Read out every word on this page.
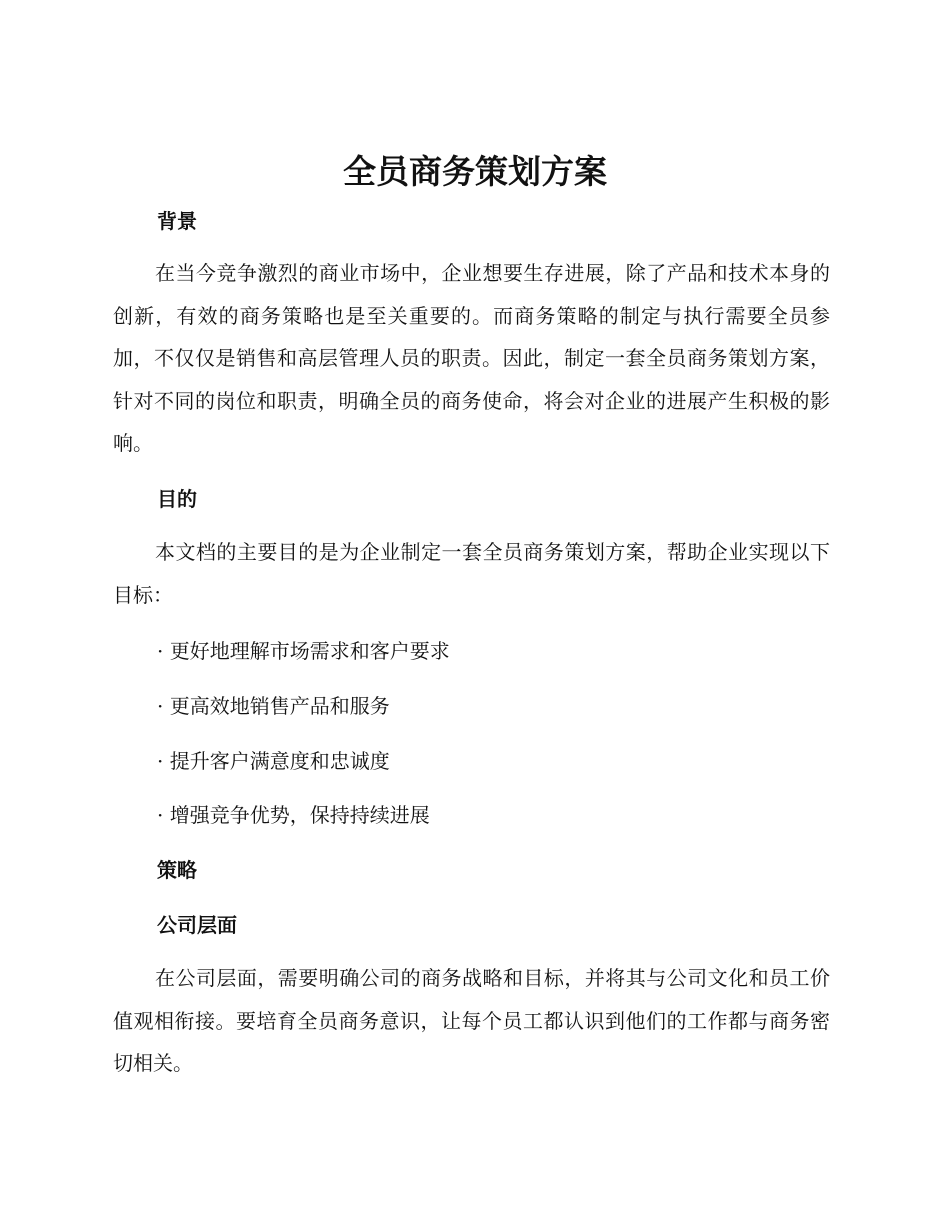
全员商务策划方案
背景

在当今竞争激烈的商业市场中，企业想要生存进展，除了产品和技术本身的创新，有效的商务策略也是至关重要的。而商务策略的制定与执行需要全员参加，不仅仅是销售和高层管理人员的职责。因此，制定一套全员商务策划方案，针对不同的岗位和职责，明确全员的商务使命，将会对企业的进展产生积极的影响。

目的

本文档的主要目的是为企业制定一套全员商务策划方案，帮助企业实现以下目标：

· 更好地理解市场需求和客户要求

· 更高效地销售产品和服务

· 提升客户满意度和忠诚度

· 增强竞争优势，保持持续进展

策略
公司层面

在公司层面，需要明确公司的商务战略和目标，并将其与公司文化和员工价值观相衔接。要培育全员商务意识，让每个员工都认识到他们的工作都与商务密切相关。
